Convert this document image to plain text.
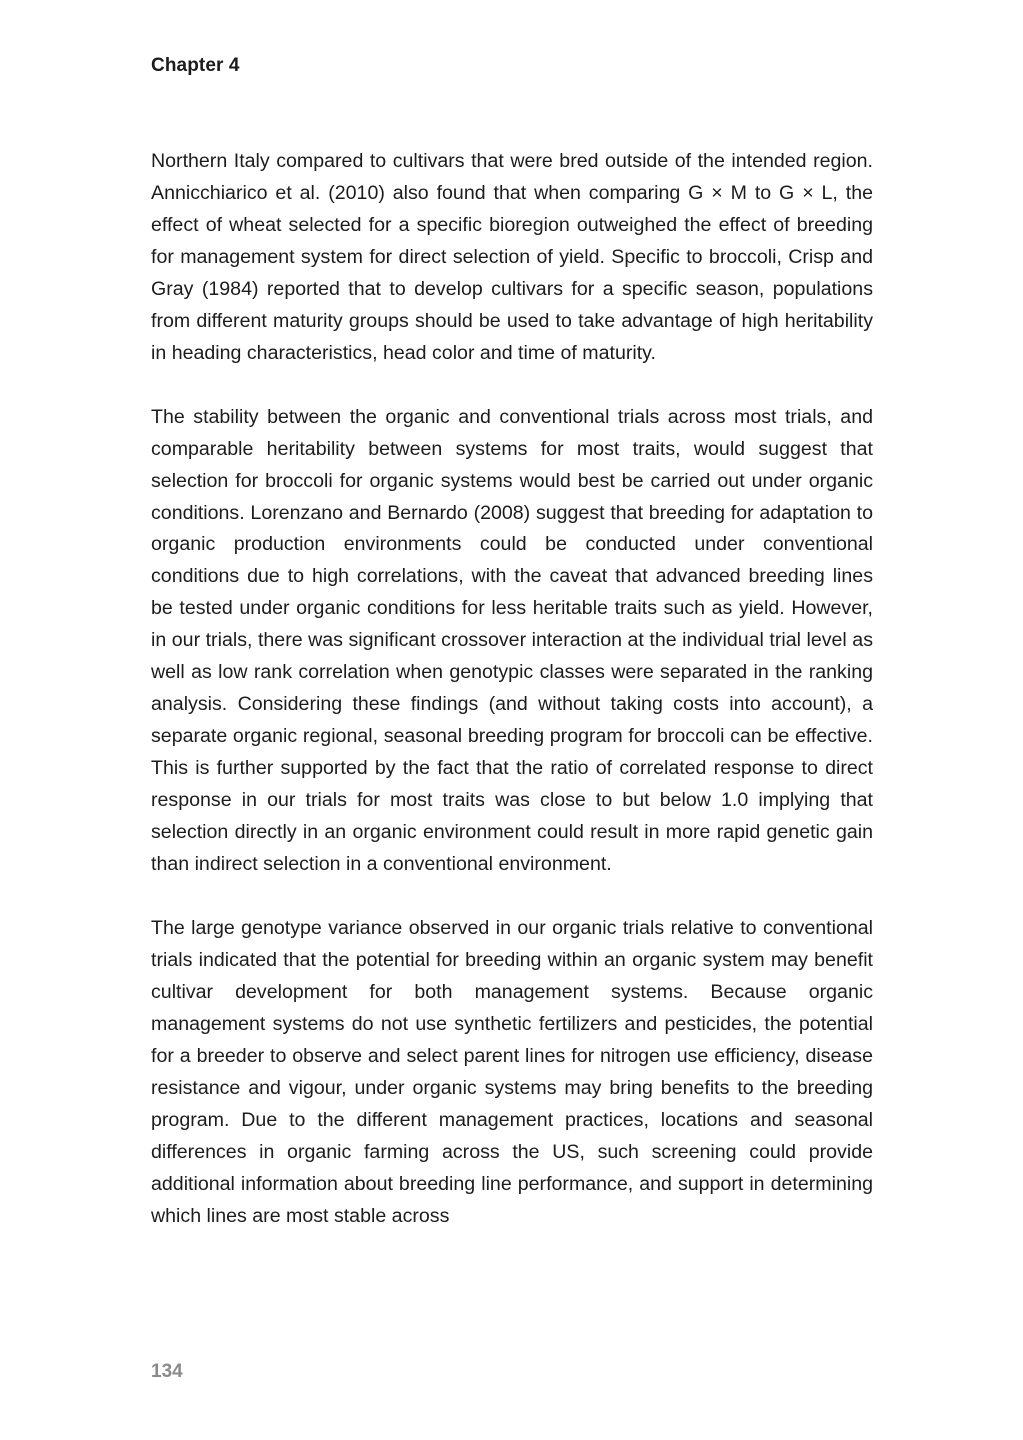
Chapter 4

Northern Italy compared to cultivars that were bred outside of the intended region. Annicchiarico et al. (2010) also found that when comparing G × M to G × L, the effect of wheat selected for a specific bioregion outweighed the effect of breeding for management system for direct selection of yield. Specific to broccoli, Crisp and Gray (1984) reported that to develop cultivars for a specific season, populations from different maturity groups should be used to take advantage of high heritability in heading characteristics, head color and time of maturity.

The stability between the organic and conventional trials across most trials, and comparable heritability between systems for most traits, would suggest that selection for broccoli for organic systems would best be carried out under organic conditions. Lorenzano and Bernardo (2008) suggest that breeding for adaptation to organic production environments could be conducted under conventional conditions due to high correlations, with the caveat that advanced breeding lines be tested under organic conditions for less heritable traits such as yield. However, in our trials, there was significant crossover interaction at the individual trial level as well as low rank correlation when genotypic classes were separated in the ranking analysis. Considering these findings (and without taking costs into account), a separate organic regional, seasonal breeding program for broccoli can be effective. This is further supported by the fact that the ratio of correlated response to direct response in our trials for most traits was close to but below 1.0 implying that selection directly in an organic environment could result in more rapid genetic gain than indirect selection in a conventional environment.

The large genotype variance observed in our organic trials relative to conventional trials indicated that the potential for breeding within an organic system may benefit cultivar development for both management systems. Because organic management systems do not use synthetic fertilizers and pesticides, the potential for a breeder to observe and select parent lines for nitrogen use efficiency, disease resistance and vigour, under organic systems may bring benefits to the breeding program. Due to the different management practices, locations and seasonal differences in organic farming across the US, such screening could provide additional information about breeding line performance, and support in determining which lines are most stable across

134
